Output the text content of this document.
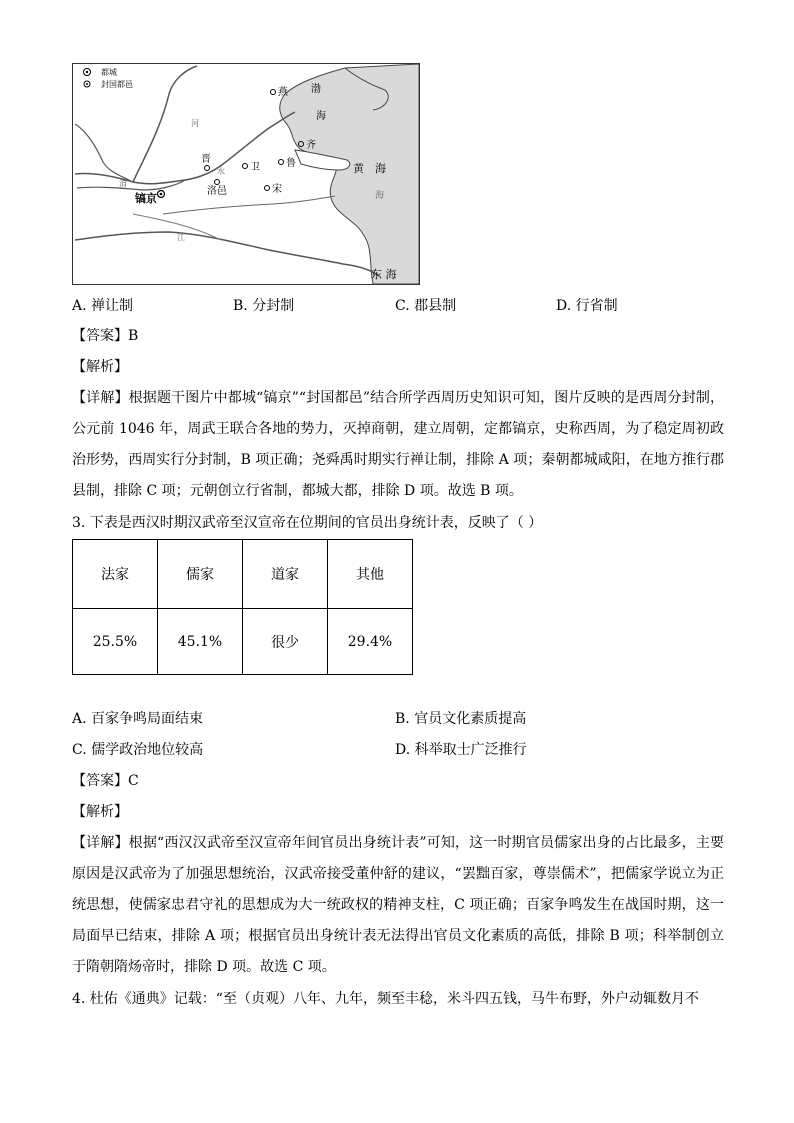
都城
封国都邑
燕 渤
海
齐
鲁	黄 海
海
晋
卫
洛邑	宋
镐京
东 海
河
水
江
渭
A. 禅让制	B. 分封制	C. 郡县制	D. 行省制
【答案】B
【解析】
【详解】根据题干图片中都城“镐京”“封国都邑”结合所学西周历史知识可知，图片反映的是西周分封制，公元前 1046 年，周武王联合各地的势力，灭掉商朝，建立周朝，定都镐京，史称西周，为了稳定周初政治形势，西周实行分封制，B 项正确；尧舜禹时期实行禅让制，排除 A 项；秦朝都城咸阳，在地方推行郡县制，排除 C 项；元朝创立行省制，都城大都，排除 D 项。故选 B 项。
3. 下表是西汉时期汉武帝至汉宣帝在位期间的官员出身统计表，反映了（ ）
法家	儒家	道家	其他
25.5%	45.1%	很少	29.4%
A. 百家争鸣局面结束	B. 官员文化素质提高
C. 儒学政治地位较高	D. 科举取士广泛推行
【答案】C
【解析】
【详解】根据“西汉汉武帝至汉宣帝年间官员出身统计表”可知，这一时期官员儒家出身的占比最多，主要原因是汉武帝为了加强思想统治，汉武帝接受董仲舒的建议，“罢黜百家，尊崇儒术”，把儒家学说立为正统思想，使儒家忠君守礼的思想成为大一统政权的精神支柱，C 项正确；百家争鸣发生在战国时期，这一局面早已结束，排除 A 项；根据官员出身统计表无法得出官员文化素质的高低，排除 B 项；科举制创立于隋朝隋炀帝时，排除 D 项。故选 C 项。
4. 杜佑《通典》记载：“至（贞观）八年、九年，频至丰稔，米斗四五钱，马牛布野，外户动辄数月不
